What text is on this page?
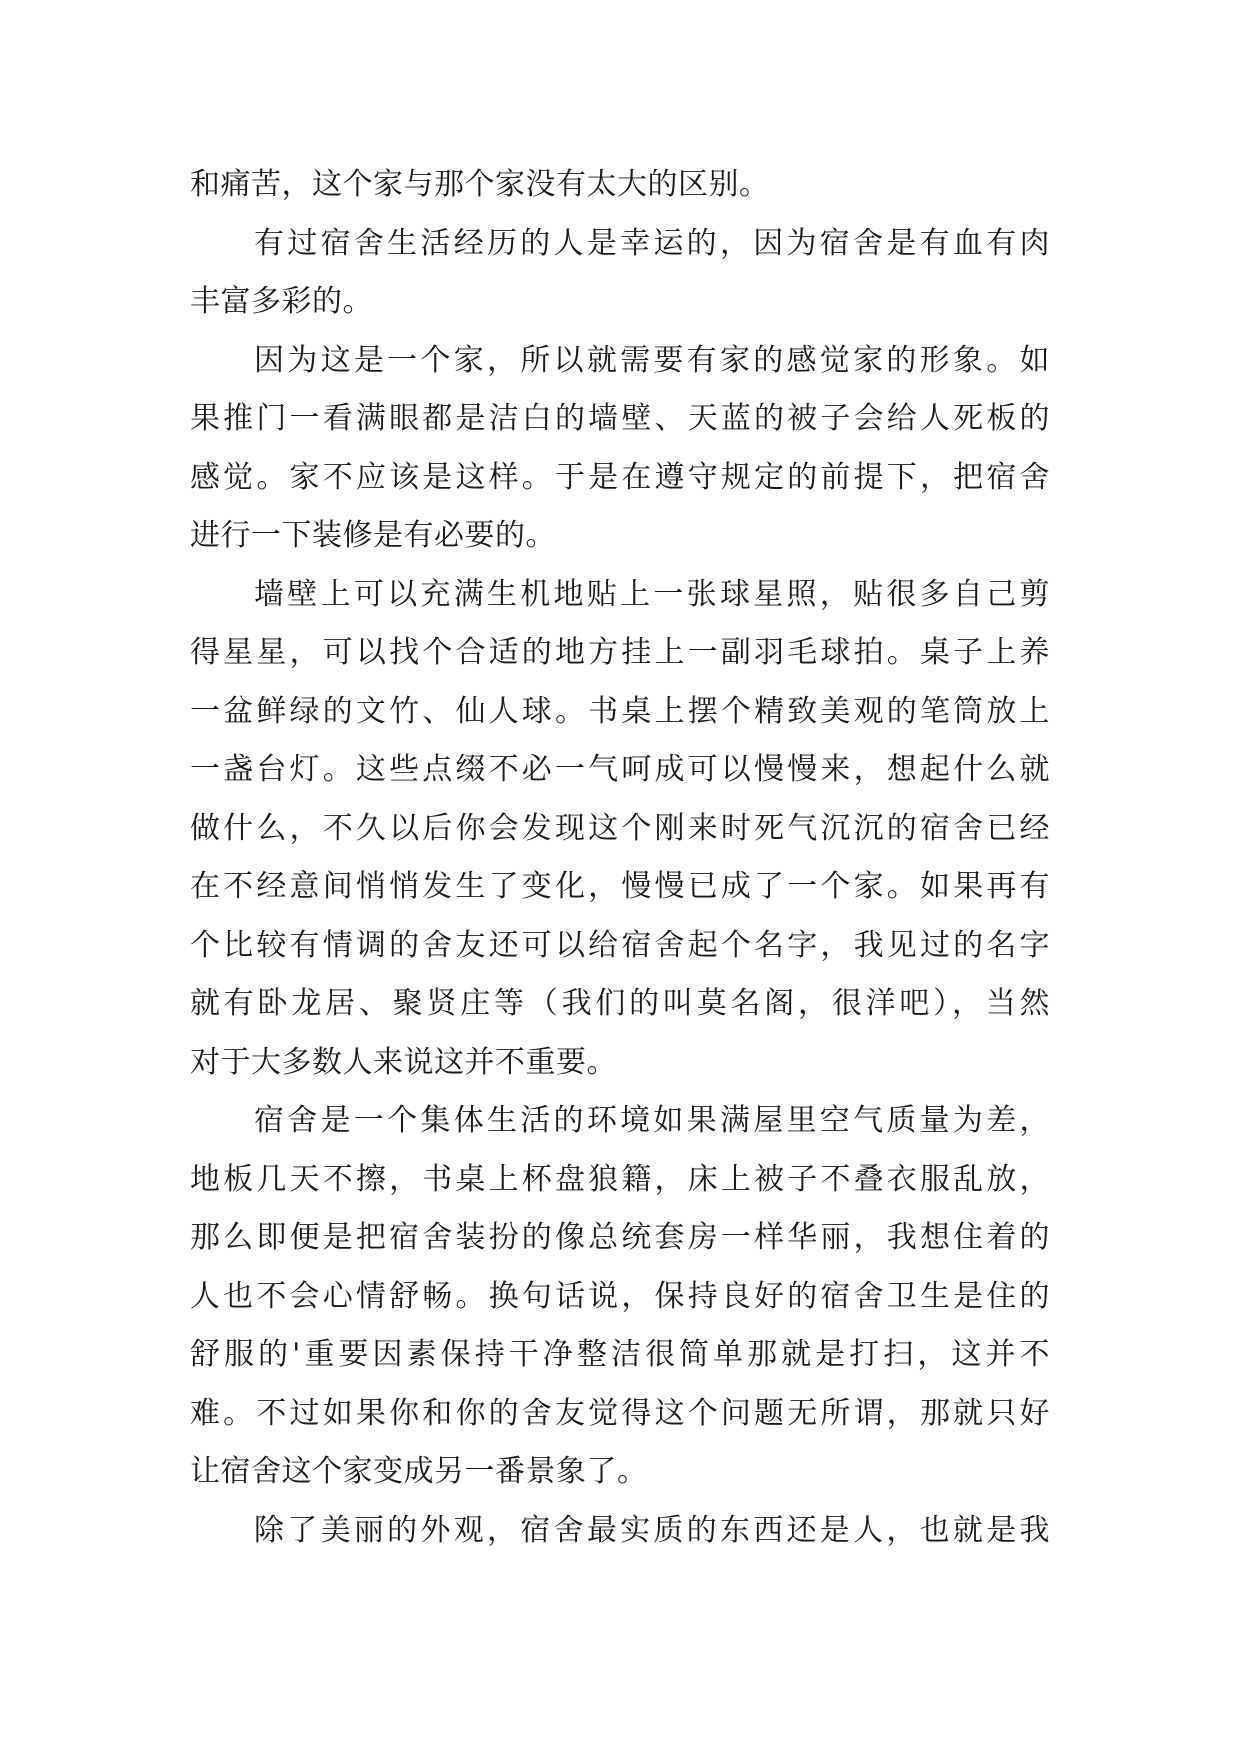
和痛苦，这个家与那个家没有太大的区别。
有过宿舍生活经历的人是幸运的，因为宿舍是有血有肉
丰富多彩的。
因为这是一个家，所以就需要有家的感觉家的形象。如
果推门一看满眼都是洁白的墙壁、天蓝的被子会给人死板的
感觉。家不应该是这样。于是在遵守规定的前提下，把宿舍
进行一下装修是有必要的。
墙壁上可以充满生机地贴上一张球星照，贴很多自己剪
得星星，可以找个合适的地方挂上一副羽毛球拍。桌子上养
一盆鲜绿的文竹、仙人球。书桌上摆个精致美观的笔筒放上
一盏台灯。这些点缀不必一气呵成可以慢慢来，想起什么就
做什么，不久以后你会发现这个刚来时死气沉沉的宿舍已经
在不经意间悄悄发生了变化，慢慢已成了一个家。如果再有
个比较有情调的舍友还可以给宿舍起个名字，我见过的名字
就有卧龙居、聚贤庄等（我们的叫莫名阁，很洋吧），当然
对于大多数人来说这并不重要。
宿舍是一个集体生活的环境如果满屋里空气质量为差，
地板几天不擦，书桌上杯盘狼籍，床上被子不叠衣服乱放，
那么即便是把宿舍装扮的像总统套房一样华丽，我想住着的
人也不会心情舒畅。换句话说，保持良好的宿舍卫生是住的
舒服的'重要因素保持干净整洁很简单那就是打扫，这并不
难。不过如果你和你的舍友觉得这个问题无所谓，那就只好
让宿舍这个家变成另一番景象了。
除了美丽的外观，宿舍最实质的东西还是人，也就是我
